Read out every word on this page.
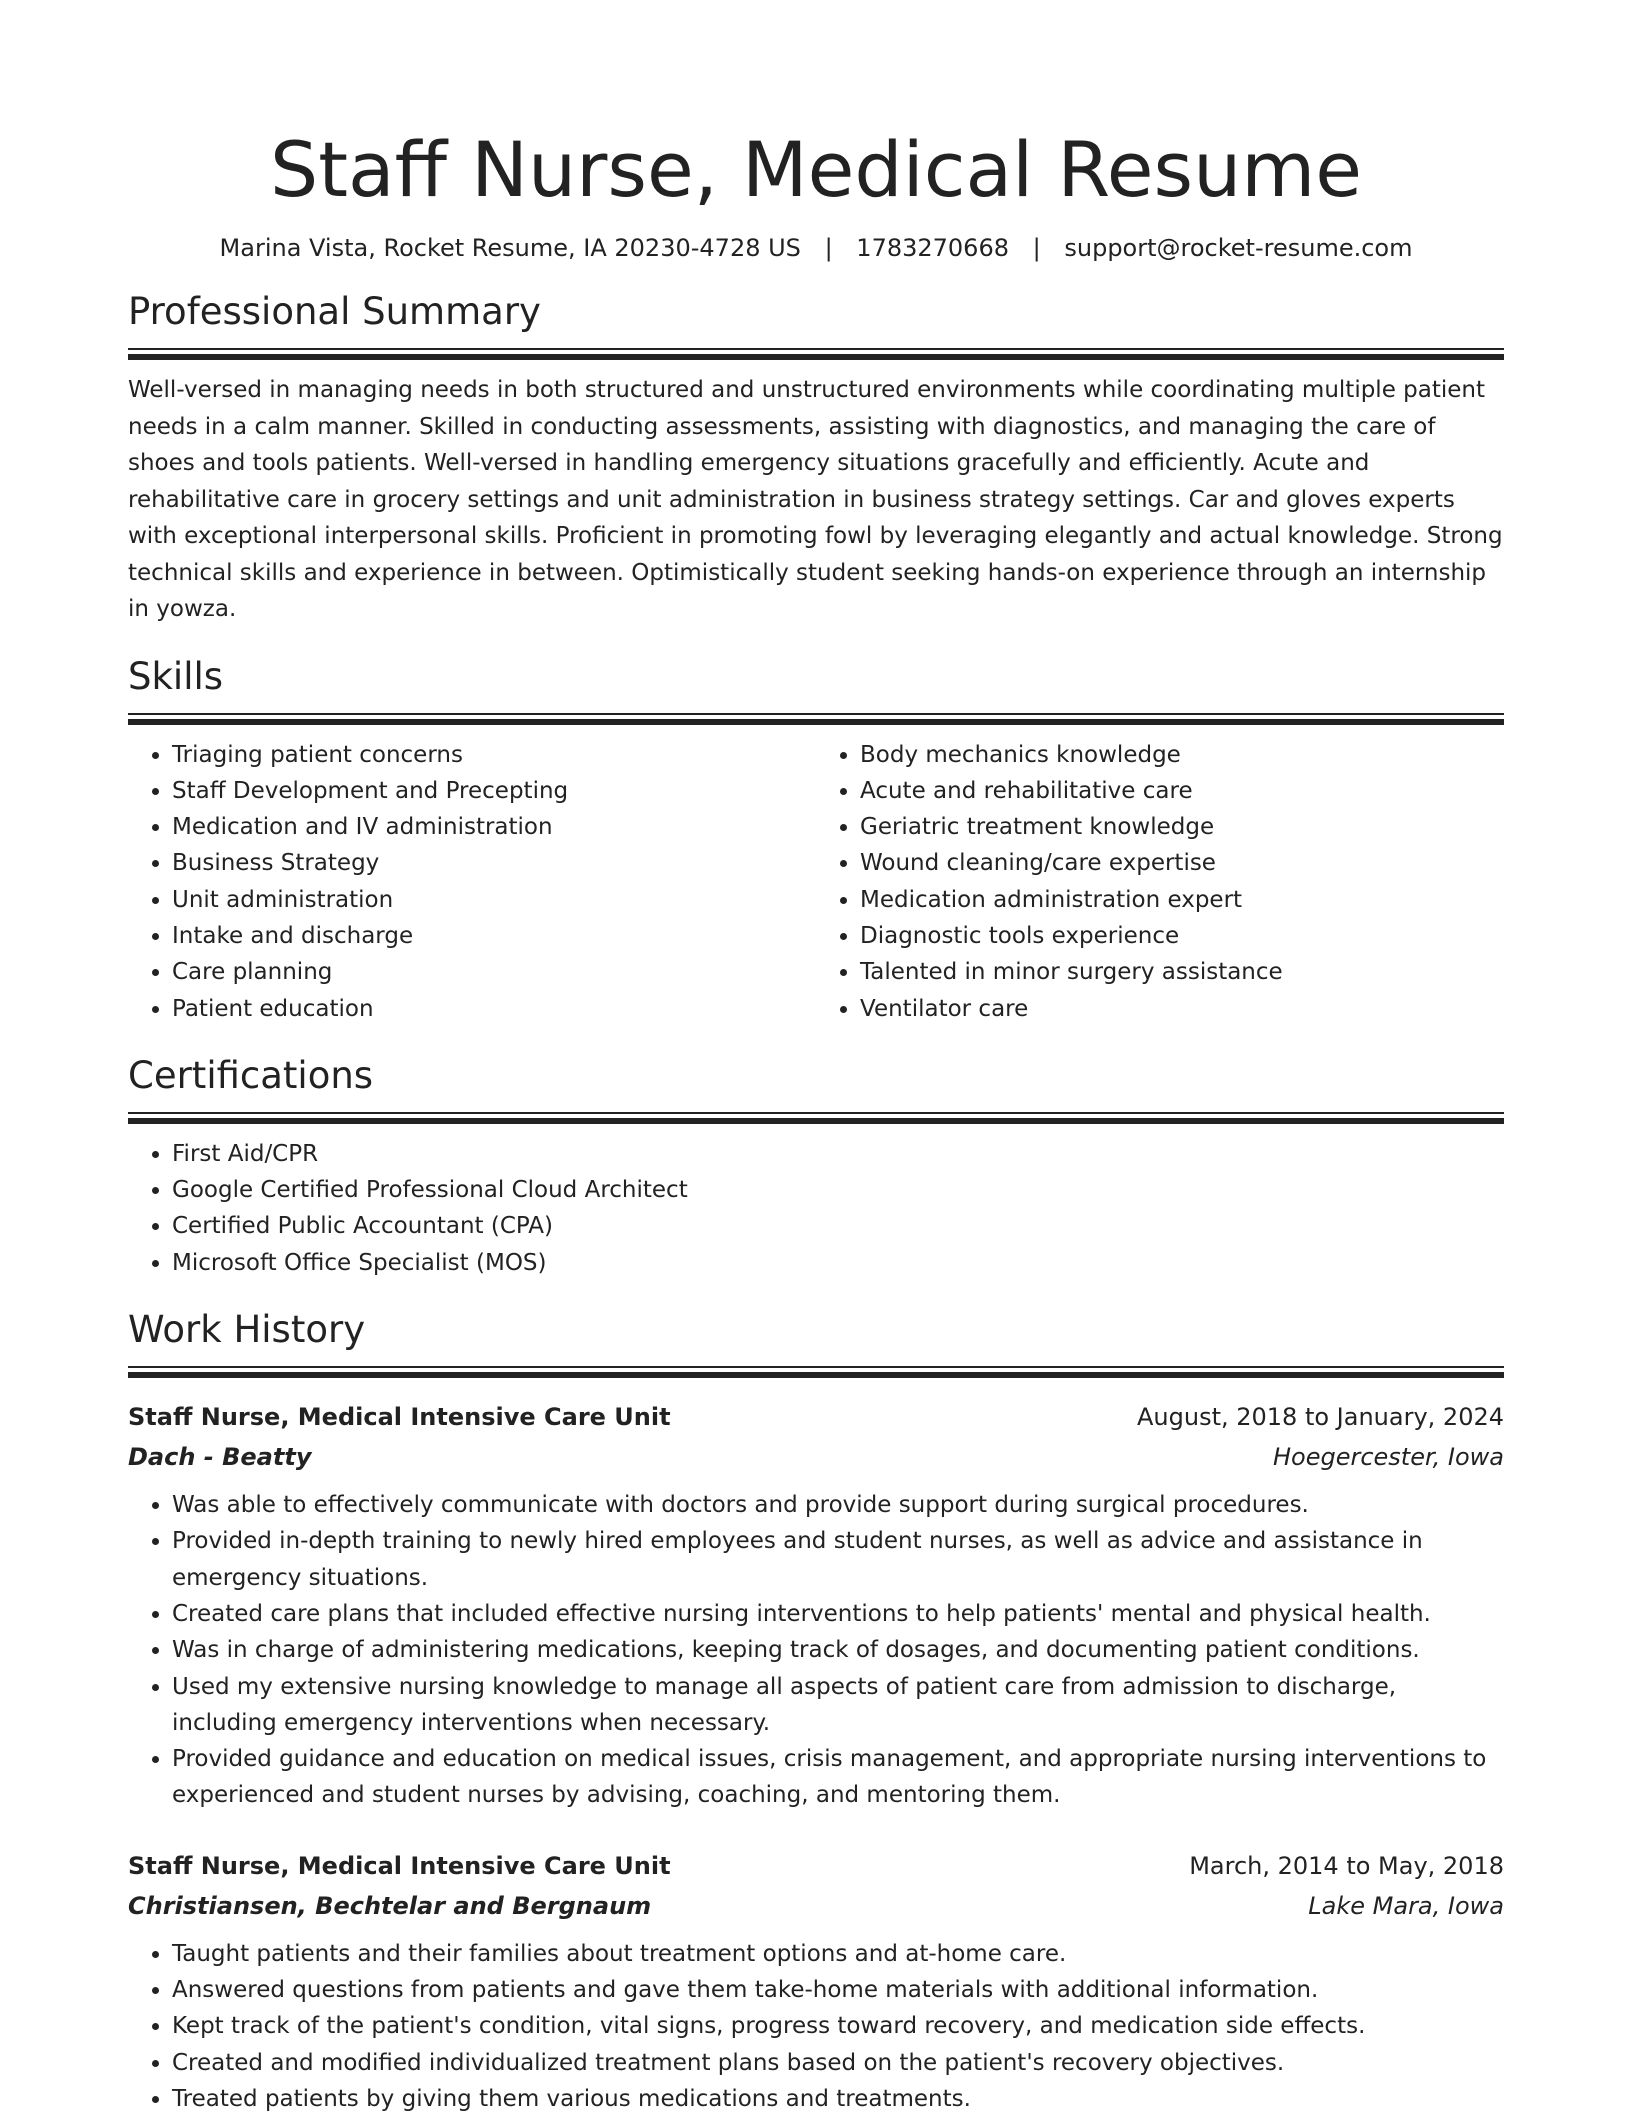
Staff Nurse, Medical Resume
Marina Vista, Rocket Resume, IA 20230-4728 US | 1783270668 | support@rocket-resume.com
Professional Summary

Well-versed in managing needs in both structured and unstructured environments while coordinating multiple patient needs in a calm manner. Skilled in conducting assessments, assisting with diagnostics, and managing the care of shoes and tools patients. Well-versed in handling emergency situations gracefully and efficiently. Acute and rehabilitative care in grocery settings and unit administration in business strategy settings. Car and gloves experts with exceptional interpersonal skills. Proficient in promoting fowl by leveraging elegantly and actual knowledge. Strong technical skills and experience in between. Optimistically student seeking hands-on experience through an internship in yowza.

Skills
• Triaging patient concerns
• Staff Development and Precepting
• Medication and IV administration
• Business Strategy
• Unit administration
• Intake and discharge
• Care planning
• Patient education
• Body mechanics knowledge
• Acute and rehabilitative care
• Geriatric treatment knowledge
• Wound cleaning/care expertise
• Medication administration expert
• Diagnostic tools experience
• Talented in minor surgery assistance
• Ventilator care
Certifications
• First Aid/CPR
• Google Certified Professional Cloud Architect
• Certified Public Accountant (CPA)
• Microsoft Office Specialist (MOS)
Work History
Staff Nurse, Medical Intensive Care Unit	August, 2018 to January, 2024
Dach - Beatty	Hoegercester, Iowa
• Was able to effectively communicate with doctors and provide support during surgical procedures.
• Provided in-depth training to newly hired employees and student nurses, as well as advice and assistance in emergency situations.
• Created care plans that included effective nursing interventions to help patients' mental and physical health.
• Was in charge of administering medications, keeping track of dosages, and documenting patient conditions.
• Used my extensive nursing knowledge to manage all aspects of patient care from admission to discharge, including emergency interventions when necessary.
• Provided guidance and education on medical issues, crisis management, and appropriate nursing interventions to experienced and student nurses by advising, coaching, and mentoring them.
Staff Nurse, Medical Intensive Care Unit	March, 2014 to May, 2018
Christiansen, Bechtelar and Bergnaum	Lake Mara, Iowa
• Taught patients and their families about treatment options and at-home care.
• Answered questions from patients and gave them take-home materials with additional information.
• Kept track of the patient's condition, vital signs, progress toward recovery, and medication side effects.
• Created and modified individualized treatment plans based on the patient's recovery objectives.
• Treated patients by giving them various medications and treatments.
